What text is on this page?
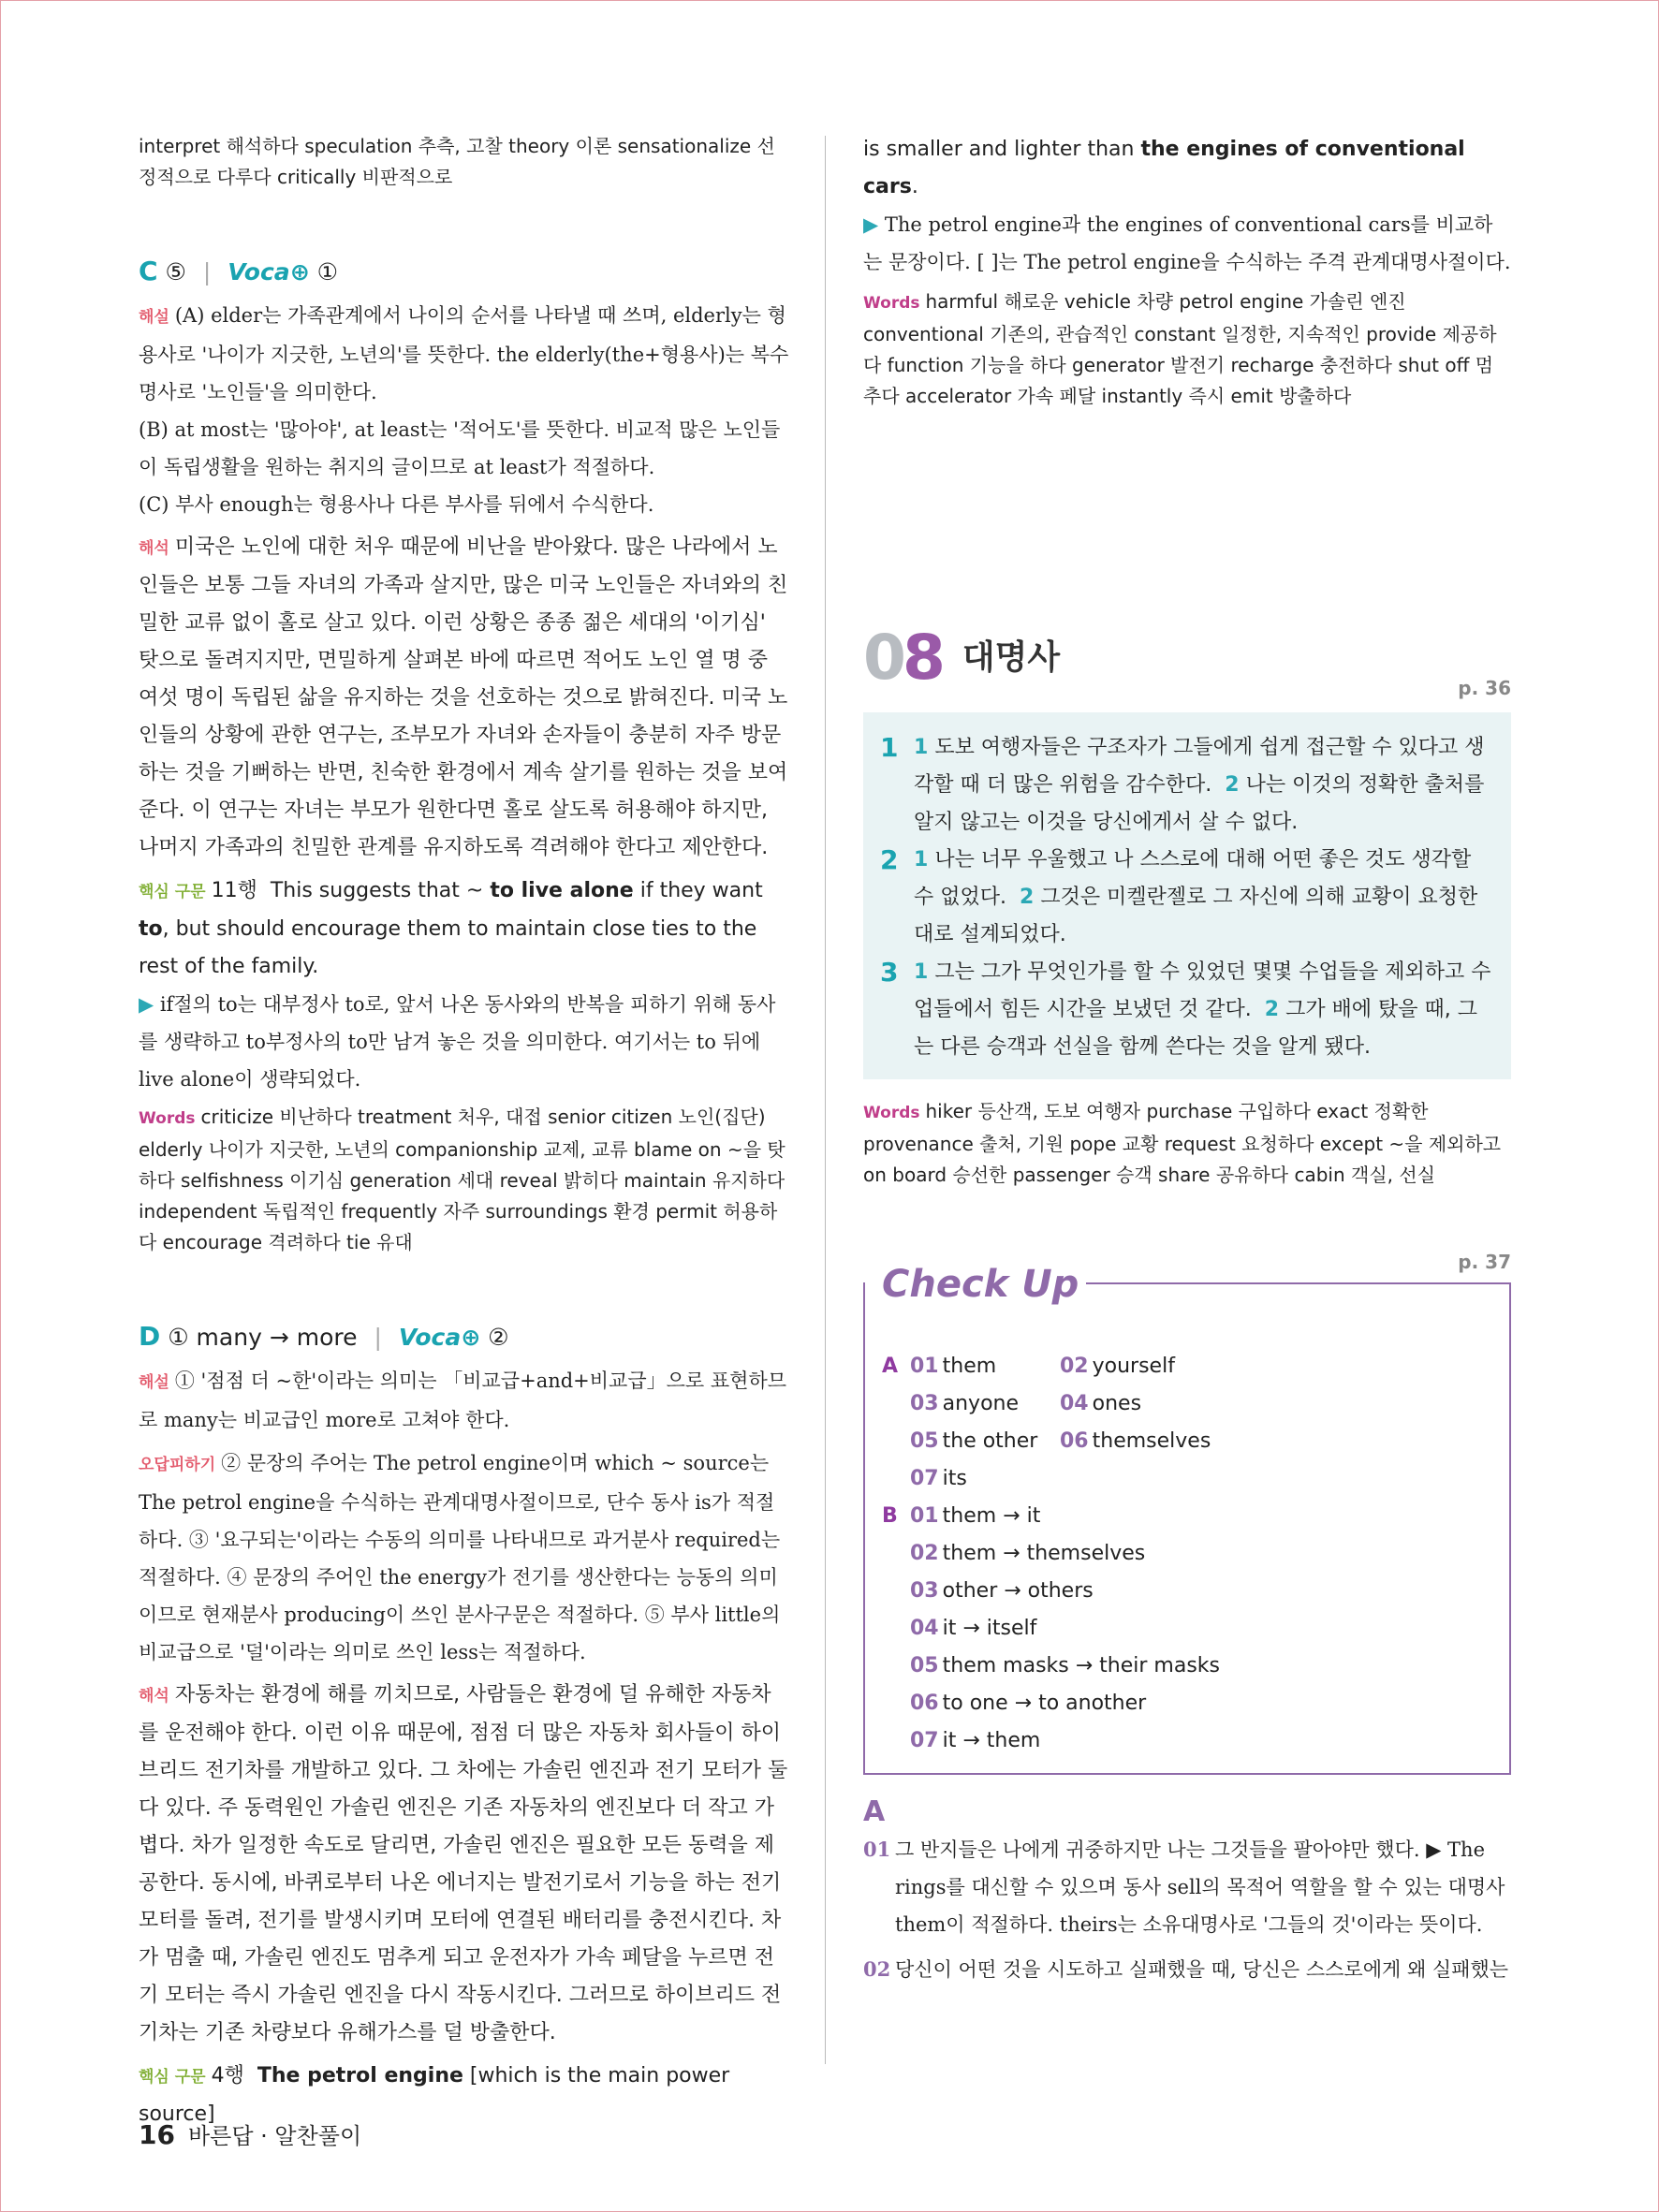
interpret 해석하다 speculation 추측, 고찰 theory 이론 sensationalize 선정적으로 다루다 critically 비판적으로

C ⑤ | Voca⊕ ①

해설 (A) elder는 가족관계에서 나이의 순서를 나타낼 때 쓰며, elderly는 형용사로 '나이가 지긋한, 노년의'를 뜻한다. the elderly(the+형용사)는 복수명사로 '노인들'을 의미한다.

(B) at most는 '많아야', at least는 '적어도'를 뜻한다. 비교적 많은 노인들이 독립생활을 원하는 취지의 글이므로 at least가 적절하다.

(C) 부사 enough는 형용사나 다른 부사를 뒤에서 수식한다.

해석 미국은 노인에 대한 처우 때문에 비난을 받아왔다. 많은 나라에서 노인들은 보통 그들 자녀의 가족과 살지만, 많은 미국 노인들은 자녀와의 친밀한 교류 없이 홀로 살고 있다. 이런 상황은 종종 젊은 세대의 '이기심' 탓으로 돌려지지만, 면밀하게 살펴본 바에 따르면 적어도 노인 열 명 중 여섯 명이 독립된 삶을 유지하는 것을 선호하는 것으로 밝혀진다. 미국 노인들의 상황에 관한 연구는, 조부모가 자녀와 손자들이 충분히 자주 방문하는 것을 기뻐하는 반면, 친숙한 환경에서 계속 살기를 원하는 것을 보여준다. 이 연구는 자녀는 부모가 원한다면 홀로 살도록 허용해야 하지만, 나머지 가족과의 친밀한 관계를 유지하도록 격려해야 한다고 제안한다.

핵심 구문 11행 This suggests that ~ to live alone if they want to, but should encourage them to maintain close ties to the rest of the family.

▶ if절의 to는 대부정사 to로, 앞서 나온 동사와의 반복을 피하기 위해 동사를 생략하고 to부정사의 to만 남겨 놓은 것을 의미한다. 여기서는 to 뒤에 live alone이 생략되었다.

Words criticize 비난하다 treatment 처우, 대접 senior citizen 노인(집단) elderly 나이가 지긋한, 노년의 companionship 교제, 교류 blame on ~을 탓하다 selfishness 이기심 generation 세대 reveal 밝히다 maintain 유지하다 independent 독립적인 frequently 자주 surroundings 환경 permit 허용하다 encourage 격려하다 tie 유대

D ① many → more | Voca⊕ ②

해설 ① '점점 더 ~한'이라는 의미는 「비교급+and+비교급」으로 표현하므로 many는 비교급인 more로 고쳐야 한다.

오답피하기 ② 문장의 주어는 The petrol engine이며 which ~ source는 The petrol engine을 수식하는 관계대명사절이므로, 단수 동사 is가 적절하다. ③ '요구되는'이라는 수동의 의미를 나타내므로 과거분사 required는 적절하다. ④ 문장의 주어인 the energy가 전기를 생산한다는 능동의 의미이므로 현재분사 producing이 쓰인 분사구문은 적절하다. ⑤ 부사 little의 비교급으로 '덜'이라는 의미로 쓰인 less는 적절하다.

해석 자동차는 환경에 해를 끼치므로, 사람들은 환경에 덜 유해한 자동차를 운전해야 한다. 이런 이유 때문에, 점점 더 많은 자동차 회사들이 하이브리드 전기차를 개발하고 있다. 그 차에는 가솔린 엔진과 전기 모터가 둘 다 있다. 주 동력원인 가솔린 엔진은 기존 자동차의 엔진보다 더 작고 가볍다. 차가 일정한 속도로 달리면, 가솔린 엔진은 필요한 모든 동력을 제공한다. 동시에, 바퀴로부터 나온 에너지는 발전기로서 기능을 하는 전기 모터를 돌려, 전기를 발생시키며 모터에 연결된 배터리를 충전시킨다. 차가 멈출 때, 가솔린 엔진도 멈추게 되고 운전자가 가속 페달을 누르면 전기 모터는 즉시 가솔린 엔진을 다시 작동시킨다. 그러므로 하이브리드 전기차는 기존 차량보다 유해가스를 덜 방출한다.

핵심 구문 4행 The petrol engine [which is the main power source]

is smaller and lighter than the engines of conventional cars.

▶ The petrol engine과 the engines of conventional cars를 비교하는 문장이다. [ ]는 The petrol engine을 수식하는 주격 관계대명사절이다.

Words harmful 해로운 vehicle 차량 petrol engine 가솔린 엔진 conventional 기존의, 관습적인 constant 일정한, 지속적인 provide 제공하다 function 기능을 하다 generator 발전기 recharge 충전하다 shut off 멈추다 accelerator 가속 페달 instantly 즉시 emit 방출하다

08 대명사

p. 36

1 1 도보 여행자들은 구조자가 그들에게 쉽게 접근할 수 있다고 생각할 때 더 많은 위험을 감수한다. 2 나는 이것의 정확한 출처를 알지 않고는 이것을 당신에게서 살 수 없다.

2 1 나는 너무 우울했고 나 스스로에 대해 어떤 좋은 것도 생각할 수 없었다. 2 그것은 미켈란젤로 그 자신에 의해 교황이 요청한 대로 설계되었다.

3 1 그는 그가 무엇인가를 할 수 있었던 몇몇 수업들을 제외하고 수업들에서 힘든 시간을 보냈던 것 같다. 2 그가 배에 탔을 때, 그는 다른 승객과 선실을 함께 쓴다는 것을 알게 됐다.

Words hiker 등산객, 도보 여행자 purchase 구입하다 exact 정확한 provenance 출처, 기원 pope 교황 request 요청하다 except ~을 제외하고 on board 승선한 passenger 승객 share 공유하다 cabin 객실, 선실

p. 37

Check Up
A 01 them	02 yourself
03 anyone	04 ones
05 the other	06 themselves
07 its
B 01 them → it
02 them → themselves
03 other → others
04 it → itself
05 them masks → their masks
06 to one → to another
07 it → them
A
01 그 반지들은 나에게 귀중하지만 나는 그것들을 팔아야만 했다. ▶ The rings를 대신할 수 있으며 동사 sell의 목적어 역할을 할 수 있는 대명사 them이 적절하다. theirs는 소유대명사로 '그들의 것'이라는 뜻이다.

02 당신이 어떤 것을 시도하고 실패했을 때, 당신은 스스로에게 왜 실패했는

16 바른답 · 알찬풀이
